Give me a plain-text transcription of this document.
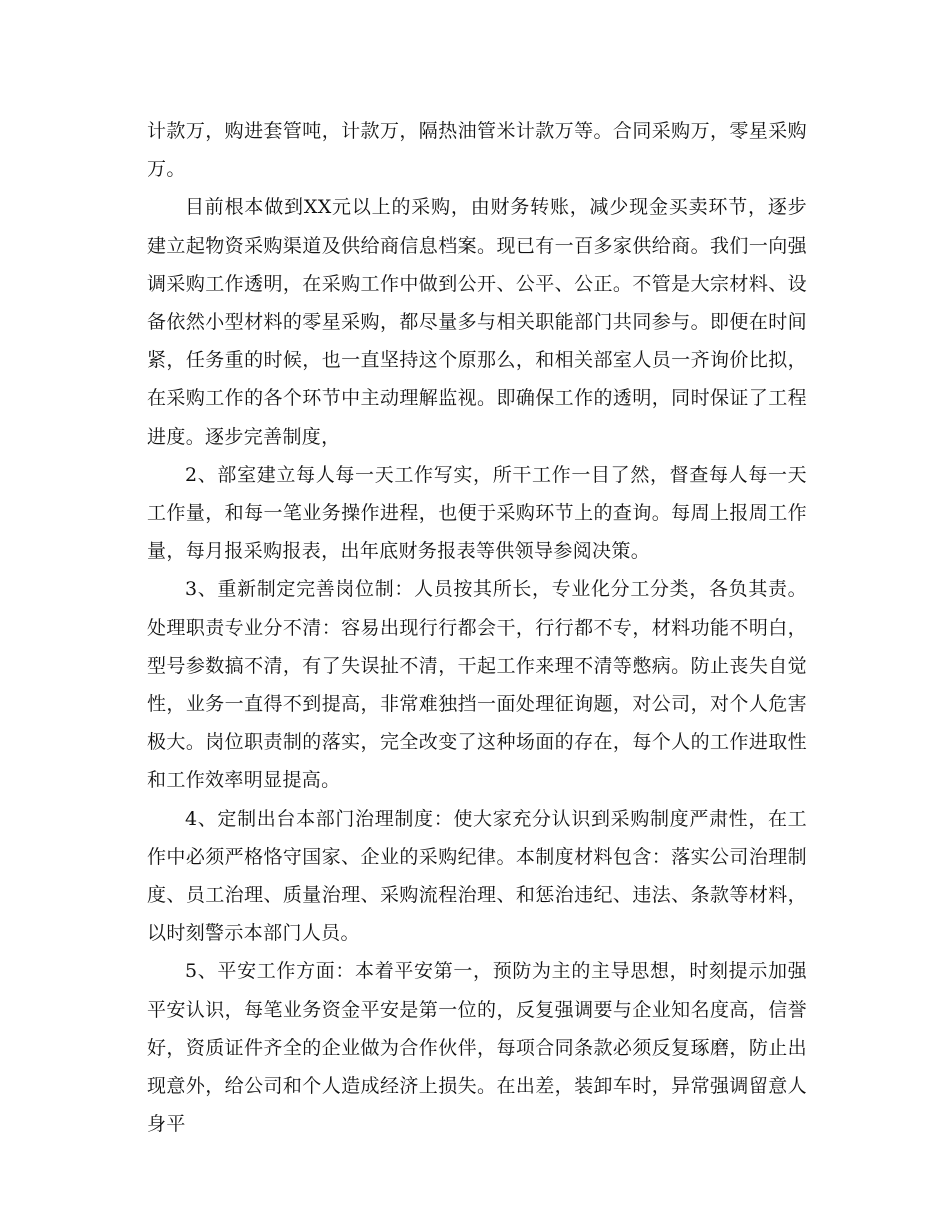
计款万，购进套管吨，计款万，隔热油管米计款万等。合同采购万，零星采购万。

目前根本做到XX元以上的采购，由财务转账，减少现金买卖环节，逐步建立起物资采购渠道及供给商信息档案。现已有一百多家供给商。我们一向强调采购工作透明，在采购工作中做到公开、公平、公正。不管是大宗材料、设备依然小型材料的零星采购，都尽量多与相关职能部门共同参与。即便在时间紧，任务重的时候，也一直坚持这个原那么，和相关部室人员一齐询价比拟，在采购工作的各个环节中主动理解监视。即确保工作的透明，同时保证了工程进度。逐步完善制度，

2、部室建立每人每一天工作写实，所干工作一目了然，督查每人每一天工作量，和每一笔业务操作进程，也便于采购环节上的查询。每周上报周工作量，每月报采购报表，出年底财务报表等供领导参阅决策。

3、重新制定完善岗位制：人员按其所长，专业化分工分类，各负其责。处理职责专业分不清：容易出现行行都会干，行行都不专，材料功能不明白，型号参数搞不清，有了失误扯不清，干起工作来理不清等憋病。防止丧失自觉性，业务一直得不到提高，非常难独挡一面处理征询题，对公司，对个人危害极大。岗位职责制的落实，完全改变了这种场面的存在，每个人的工作进取性和工作效率明显提高。

4、定制出台本部门治理制度：使大家充分认识到采购制度严肃性，在工作中必须严格恪守国家、企业的采购纪律。本制度材料包含：落实公司治理制度、员工治理、质量治理、采购流程治理、和惩治违纪、违法、条款等材料，以时刻警示本部门人员。

5、平安工作方面：本着平安第一，预防为主的主导思想，时刻提示加强平安认识，每笔业务资金平安是第一位的，反复强调要与企业知名度高，信誉好，资质证件齐全的企业做为合作伙伴，每项合同条款必须反复琢磨，防止出现意外，给公司和个人造成经济上损失。在出差，装卸车时，异常强调留意人身平
